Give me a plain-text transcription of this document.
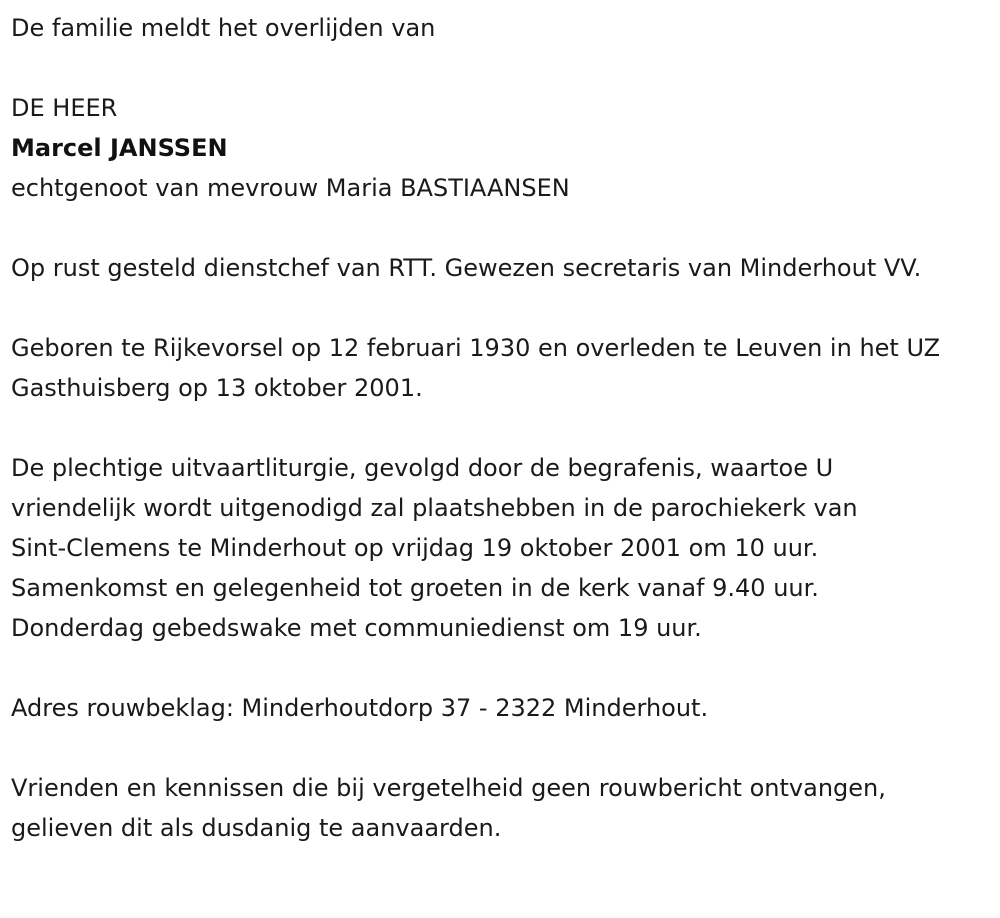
De familie meldt het overlijden van

DE HEER

Marcel JANSSEN

echtgenoot van mevrouw Maria BASTIAANSEN

Op rust gesteld dienstchef van RTT. Gewezen secretaris van Minderhout VV.

Geboren te Rijkevorsel op 12 februari 1930 en overleden te Leuven in het UZ Gasthuisberg op 13 oktober 2001.

De plechtige uitvaartliturgie, gevolgd door de begrafenis, waartoe U

vriendelijk wordt uitgenodigd zal plaatshebben in de parochiekerk van

Sint-Clemens te Minderhout op vrijdag 19 oktober 2001 om 10 uur.

Samenkomst en gelegenheid tot groeten in de kerk vanaf 9.40 uur.

Donderdag gebedswake met communiedienst om 19 uur.

Adres rouwbeklag: Minderhoutdorp 37 - 2322 Minderhout.

Vrienden en kennissen die bij vergetelheid geen rouwbericht ontvangen, gelieven dit als dusdanig te aanvaarden.
